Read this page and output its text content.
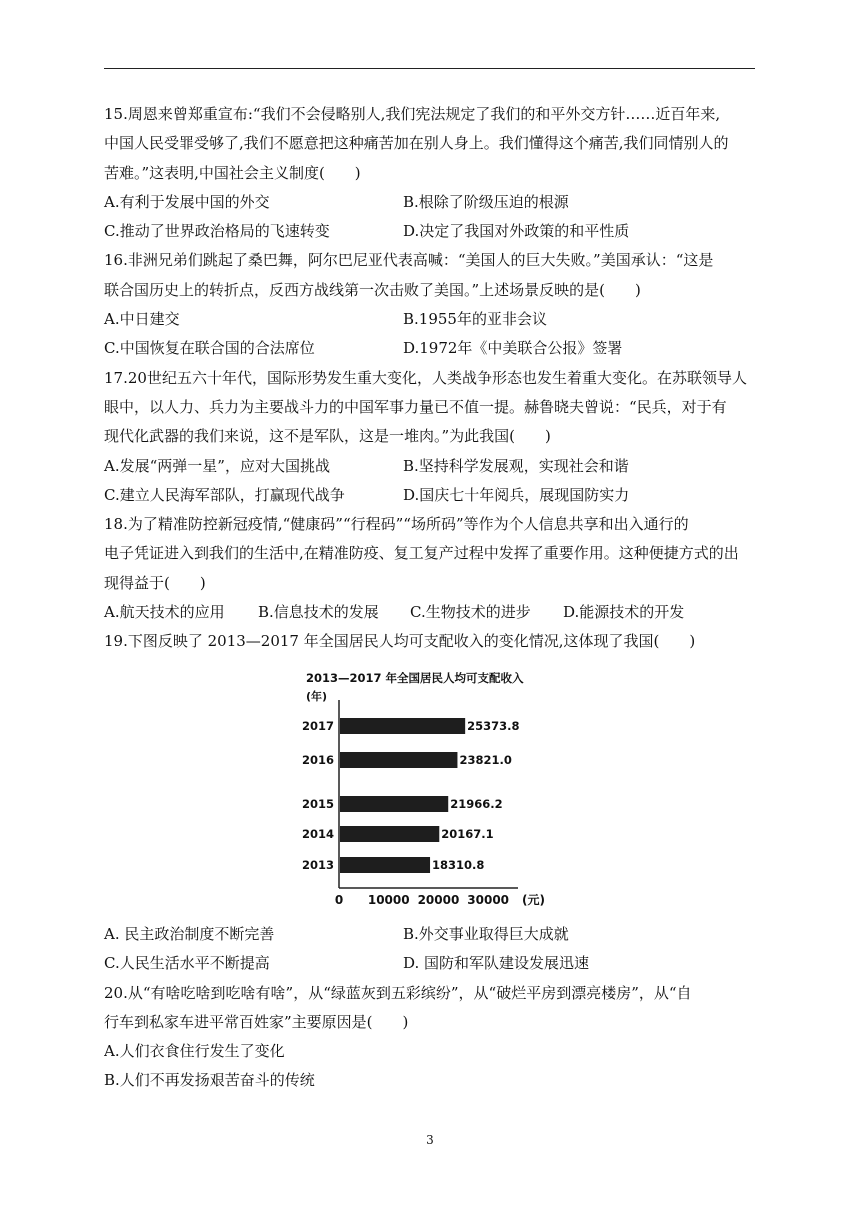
15.周恩来曾郑重宣布:“我们不会侵略别人,我们宪法规定了我们的和平外交方针……近百年来,
中国人民受罪受够了,我们不愿意把这种痛苦加在别人身上。我们懂得这个痛苦,我们同情别人的
苦难。”这表明,中国社会主义制度(　　)
A.有利于发展中国的外交	B.根除了阶级压迫的根源
C.推动了世界政治格局的飞速转变	D.决定了我国对外政策的和平性质
16.非洲兄弟们跳起了桑巴舞，阿尔巴尼亚代表高喊：“美国人的巨大失败。”美国承认：“这是
联合国历史上的转折点，反西方战线第一次击败了美国。”上述场景反映的是(　　)
A.中日建交	B.1955年的亚非会议
C.中国恢复在联合国的合法席位	D.1972年《中美联合公报》签署
17.20世纪五六十年代，国际形势发生重大变化，人类战争形态也发生着重大变化。在苏联领导人
眼中，以人力、兵力为主要战斗力的中国军事力量已不值一提。赫鲁晓夫曾说：“民兵，对于有
现代化武器的我们来说，这不是军队，这是一堆肉。”为此我国(　　)
A.发展“两弹一星”，应对大国挑战	B.坚持科学发展观，实现社会和谐
C.建立人民海军部队，打赢现代战争	D.国庆七十年阅兵，展现国防实力
18.为了精准防控新冠疫情,“健康码”“行程码”“场所码”等作为个人信息共享和出入通行的
电子凭证进入到我们的生活中,在精准防疫、复工复产过程中发挥了重要作用。这种便捷方式的出
现得益于(　　)
A.航天技术的应用	B.信息技术的发展	C.生物技术的进步	D.能源技术的开发
19.下图反映了 2013—2017 年全国居民人均可支配收入的变化情况,这体现了我国(　　)
2013—2017 年全国居民人均可支配收入
(年)
2017	25373.8
2016	23821.0
2015	21966.2
2014	20167.1
2013	18310.8
0 10000 20000 30000 (元)
A. 民主政治制度不断完善	B.外交事业取得巨大成就
C.人民生活水平不断提高	D. 国防和军队建设发展迅速
20.从“有啥吃啥到吃啥有啥”，从“绿蓝灰到五彩缤纷”，从“破烂平房到漂亮楼房”，从“自
行车到私家车进平常百姓家”主要原因是(　　)
A.人们衣食住行发生了变化
B.人们不再发扬艰苦奋斗的传统
3
